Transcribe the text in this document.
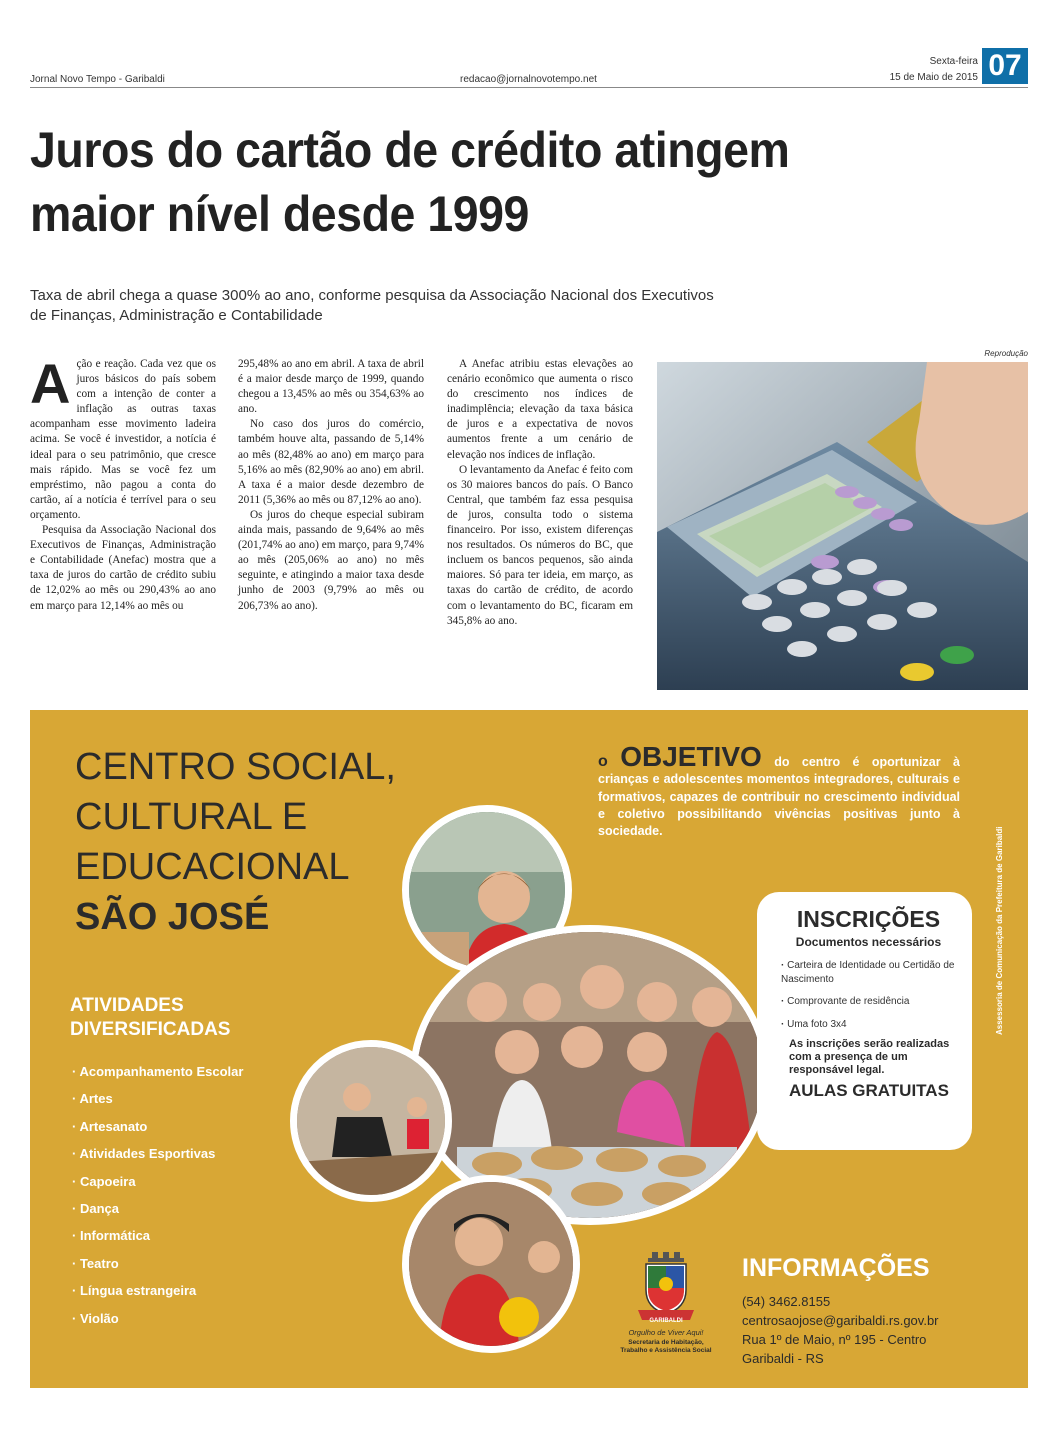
Jornal Novo Tempo - Garibaldi	redacao@jornalnovotempo.net
Sexta-feira
15 de Maio de 2015 07
Juros do cartão de crédito atingem maior nível desde 1999
Taxa de abril chega a quase 300% ao ano, conforme pesquisa da Associação Nacional dos Executivos de Finanças, Administração e Contabilidade
A ção e reação. Cada vez que os juros básicos do país sobem com a intenção de conter a inflação as outras taxas acompanham esse movimento ladeira acima. Se você é investidor, a notícia é ideal para o seu patrimônio, que cresce mais rápido. Mas se você fez um empréstimo, não pagou a conta do cartão, aí a notícia é terrível para o seu orçamento.

Pesquisa da Associação Nacional dos Executivos de Finanças, Administração e Contabilidade (Anefac) mostra que a taxa de juros do cartão de crédito subiu de 12,02% ao mês ou 290,43% ao ano em março para 12,14% ao mês ou

295,48% ao ano em abril. A taxa de abril é a maior desde março de 1999, quando chegou a 13,45% ao mês ou 354,63% ao ano.

No caso dos juros do comércio, também houve alta, passando de 5,14% ao mês (82,48% ao ano) em março para 5,16% ao mês (82,90% ao ano) em abril. A taxa é a maior desde dezembro de 2011 (5,36% ao mês ou 87,12% ao ano).

Os juros do cheque especial subiram ainda mais, passando de 9,64% ao mês (201,74% ao ano) em março, para 9,74% ao mês (205,06% ao ano) no mês seguinte, e atingindo a maior taxa desde junho de 2003 (9,79% ao mês ou 206,73% ao ano).

A Anefac atribiu estas elevações ao cenário econômico que aumenta o risco do crescimento nos índices de inadimplência; elevação da taxa básica de juros e a expectativa de novos aumentos frente a um cenário de elevação nos índices de inflação.

O levantamento da Anefac é feito com os 30 maiores bancos do país. O Banco Central, que também faz essa pesquisa de juros, consulta todo o sistema financeiro. Por isso, existem diferenças nos resultados. Os números do BC, que incluem os bancos pequenos, são ainda maiores. Só para ter ideia, em março, as taxas do cartão de crédito, de acordo com o levantamento do BC, ficaram em 345,8% ao ano.

Reprodução
CENTRO SOCIAL,
CULTURAL E
EDUCACIONAL
SÃO JOSÉ
o OBJETIVO do centro é oportunizar à crianças e adolescentes momentos integradores, culturais e formativos, capazes de contribuir no crescimento individual e coletivo possibilitando vivências positivas junto à sociedade.	Assessoria de Comunicação da Prefeitura de Garibaldi
ATIVIDADES
DIVERSIFICADAS
· Acompanhamento Escolar
· Artes
· Artesanato
· Atividades Esportivas
· Capoeira
· Dança
· Informática
· Teatro
· Língua estrangeira
· Violão
INSCRIÇÕES
Documentos necessários
· Carteira de Identidade ou Certidão de Nascimento
· Comprovante de residência
· Uma foto 3x4
As inscrições serão realizadas com a presença de um responsável legal.
AULAS GRATUITAS
GARIBALDI
Orgulho de Viver Aqui!
Secretaria de Habitação, Trabalho e Assistência Social
INFORMAÇÕES
(54) 3462.8155
centrosaojose@garibaldi.rs.gov.br
Rua 1º de Maio, nº 195 - Centro
Garibaldi - RS
